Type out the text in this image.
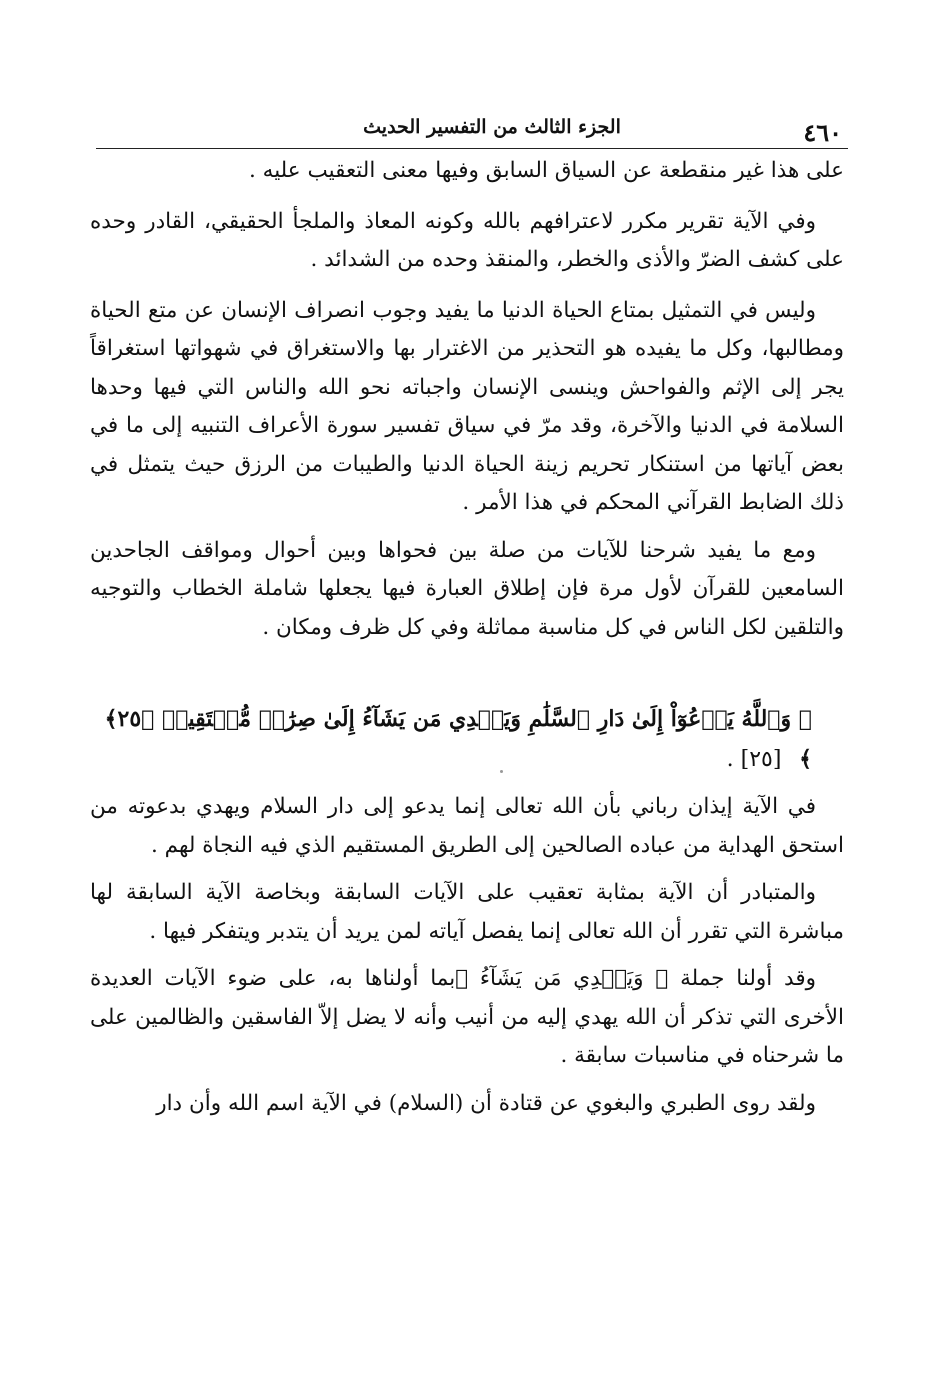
٤٦٠
الجزء الثالث من التفسير الحديث

على هذا غير منقطعة عن السياق السابق وفيها معنى التعقيب عليه .

وفي الآية تقرير مكرر لاعترافهم بالله وكونه المعاذ والملجأ الحقيقي، القادر وحده على كشف الضرّ والأذى والخطر، والمنقذ وحده من الشدائد .

وليس في التمثيل بمتاع الحياة الدنيا ما يفيد وجوب انصراف الإنسان عن متع الحياة ومطالبها، وكل ما يفيده هو التحذير من الاغترار بها والاستغراق في شهواتها استغراقاً يجر إلى الإثم والفواحش وينسى الإنسان واجباته نحو الله والناس التي فيها وحدها السلامة في الدنيا والآخرة، وقد مرّ في سياق تفسير سورة الأعراف التنبيه إلى ما في بعض آياتها من استنكار تحريم زينة الحياة الدنيا والطيبات من الرزق حيث يتمثل في ذلك الضابط القرآني المحكم في هذا الأمر .

ومع ما يفيد شرحنا للآيات من صلة بين فحواها وبين أحوال ومواقف الجاحدين السامعين للقرآن لأول مرة فإن إطلاق العبارة فيها يجعلها شاملة الخطاب والتوجيه والتلقين لكل الناس في كل مناسبة مماثلة وفي كل ظرف ومكان .

﴿ وَٱللَّهُ يَدۡعُوٓاْ إِلَىٰ دَارِ ٱلسَّلَٰمِ وَيَهۡدِي مَن يَشَآءُ إِلَىٰ صِرَٰطٖ مُّسۡتَقِيمٖ ﴿٢٥﴾ ﴾ [٢٥] .

في الآية إيذان رباني بأن الله تعالى إنما يدعو إلى دار السلام ويهدي بدعوته من استحق الهداية من عباده الصالحين إلى الطريق المستقيم الذي فيه النجاة لهم .

والمتبادر أن الآية بمثابة تعقيب على الآيات السابقة وبخاصة الآية السابقة لها مباشرة التي تقرر أن الله تعالى إنما يفصل آياته لمن يريد أن يتدبر ويتفكر فيها .

وقد أولنا جملة ﴿ وَيَهۡدِي مَن يَشَآءُ ﴾بما أولناها به، على ضوء الآيات العديدة الأخرى التي تذكر أن الله يهدي إليه من أنيب وأنه لا يضل إلاّ الفاسقين والظالمين على ما شرحناه في مناسبات سابقة .

ولقد روى الطبري والبغوي عن قتادة أن (السلام) في الآية اسم الله وأن دار
